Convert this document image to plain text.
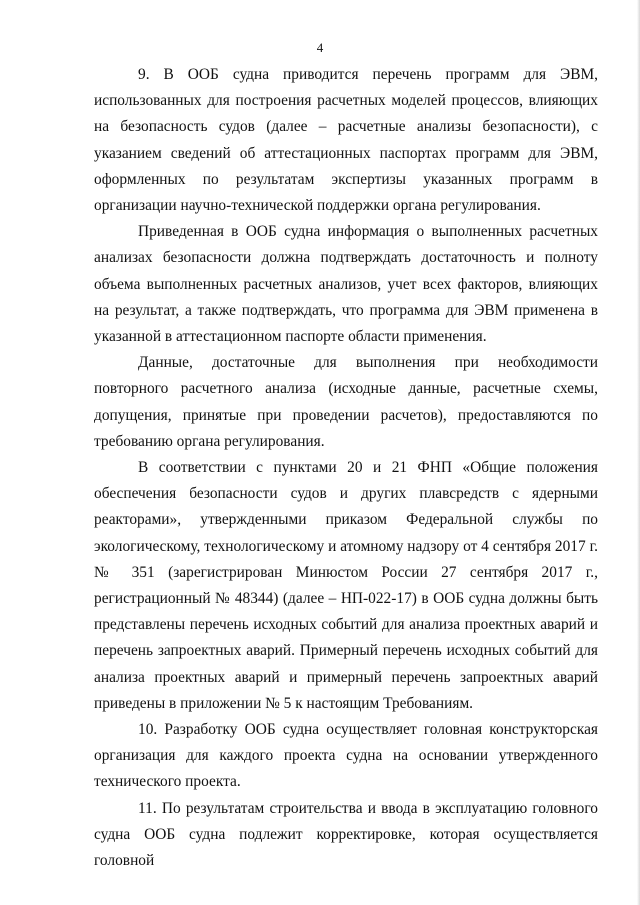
4

9. В ООБ судна приводится перечень программ для ЭВМ, использованных для построения расчетных моделей процессов, влияющих на безопасность судов (далее – расчетные анализы безопасности), с указанием сведений об аттестационных паспортах программ для ЭВМ, оформленных по результатам экспертизы указанных программ в организации научно-технической поддержки органа регулирования.

Приведенная в ООБ судна информация о выполненных расчетных анализах безопасности должна подтверждать достаточность и полноту объема выполненных расчетных анализов, учет всех факторов, влияющих на результат, а также подтверждать, что программа для ЭВМ применена в указанной в аттестационном паспорте области применения.

Данные, достаточные для выполнения при необходимости повторного расчетного анализа (исходные данные, расчетные схемы, допущения, принятые при проведении расчетов), предоставляются по требованию органа регулирования.

В соответствии с пунктами 20 и 21 ФНП «Общие положения обеспечения безопасности судов и других плавсредств с ядерными реакторами», утвержденными приказом Федеральной службы по экологическому, технологическому и атомному надзору от 4 сентября 2017 г. № 351 (зарегистрирован Минюстом России 27 сентября 2017 г., регистрационный № 48344) (далее – НП-022-17) в ООБ судна должны быть представлены перечень исходных событий для анализа проектных аварий и перечень запроектных аварий. Примерный перечень исходных событий для анализа проектных аварий и примерный перечень запроектных аварий приведены в приложении № 5 к настоящим Требованиям.

10. Разработку ООБ судна осуществляет головная конструкторская организация для каждого проекта судна на основании утвержденного технического проекта.

11. По результатам строительства и ввода в эксплуатацию головного судна ООБ судна подлежит корректировке, которая осуществляется головной
